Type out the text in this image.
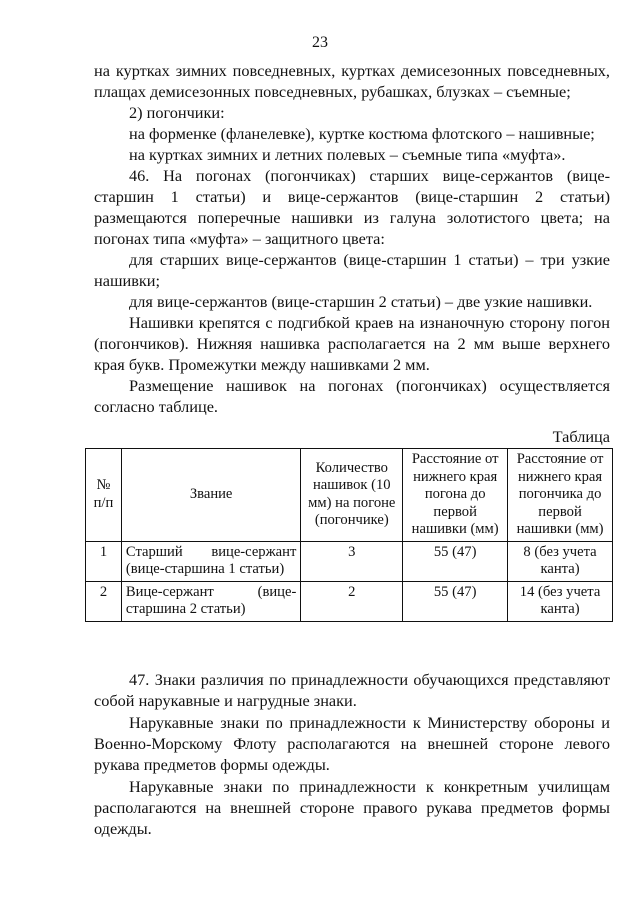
23

на куртках зимних повседневных, куртках демисезонных повседневных, плащах демисезонных повседневных, рубашках, блузках – съемные;

2) погончики:

на форменке (фланелевке), куртке костюма флотского – нашивные;

на куртках зимних и летних полевых – съемные типа «муфта».

46. На погонах (погончиках) старших вице-сержантов (вице-старшин 1 статьи) и вице-сержантов (вице-старшин 2 статьи) размещаются поперечные нашивки из галуна золотистого цвета; на погонах типа «муфта» – защитного цвета:

для старших вице-сержантов (вице-старшин 1 статьи) – три узкие нашивки;

для вице-сержантов (вице-старшин 2 статьи) – две узкие нашивки.

Нашивки крепятся с подгибкой краев на изнаночную сторону погон (погончиков). Нижняя нашивка располагается на 2 мм выше верхнего края букв. Промежутки между нашивками 2 мм.

Размещение нашивок на погонах (погончиках) осуществляется согласно таблице.

Таблица
№ п/п	Звание	Количество нашивок (10 мм) на погоне (погончике)	Расстояние от нижнего края погона до первой нашивки (мм)	Расстояние от нижнего края погончика до первой нашивки (мм)
1	Старший вице-сержант (вице-старшина 1 статьи)	3	55 (47)	8 (без учета канта)
2	Вице-сержант (вице-старшина 2 статьи)	2	55 (47)	14 (без учета канта)

47. Знаки различия по принадлежности обучающихся представляют собой нарукавные и нагрудные знаки.

Нарукавные знаки по принадлежности к Министерству обороны и Военно-Морскому Флоту располагаются на внешней стороне левого рукава предметов формы одежды.

Нарукавные знаки по принадлежности к конкретным училищам располагаются на внешней стороне правого рукава предметов формы одежды.
